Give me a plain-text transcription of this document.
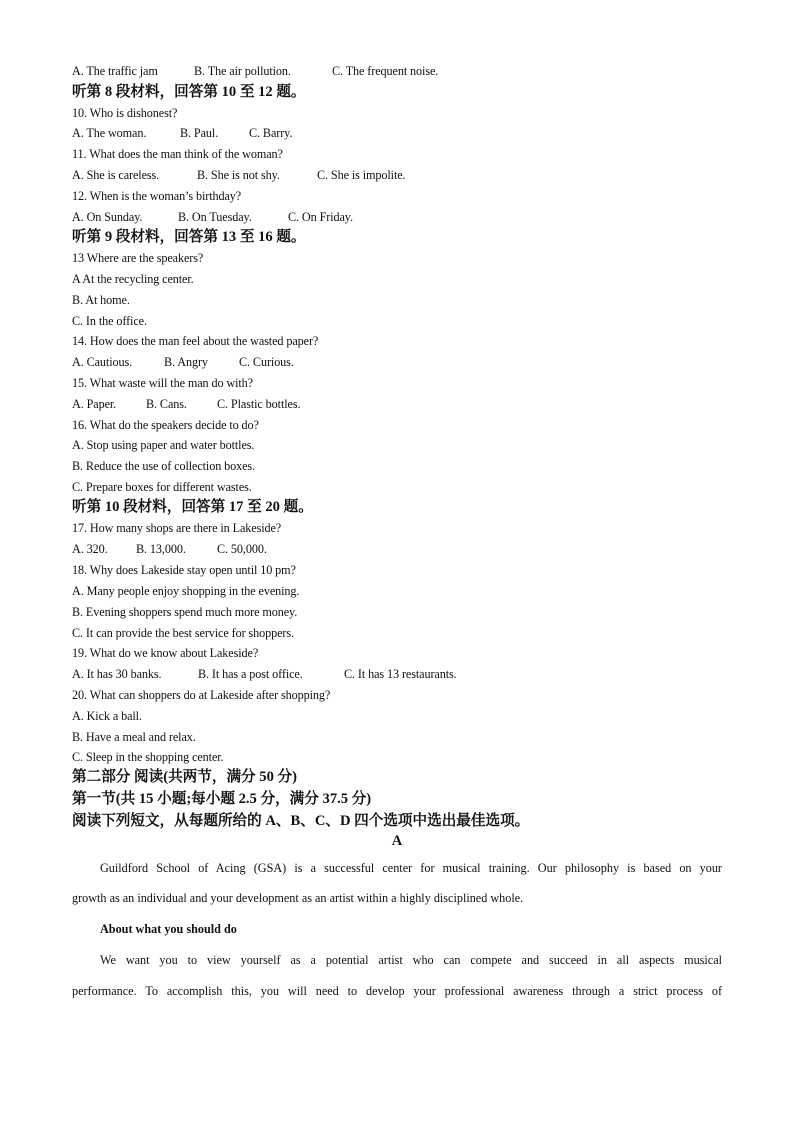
A. The traffic jam	B. The air pollution.	C. The frequent noise.
听第 8 段材料，回答第 10 至 12 题。
10. Who is dishonest?
A. The woman.	B. Paul.	C. Barry.
11. What does the man think of the woman?
A. She is careless.	B. She is not shy.	C. She is impolite.
12. When is the woman’s birthday?
A. On Sunday.	B. On Tuesday.	C. On Friday.
听第 9 段材料，回答第 13 至 16 题。
13 Where are the speakers?
A At the recycling center.
B. At home.
C. In the office.
14. How does the man feel about the wasted paper?
A. Cautious.	B. Angry	C. Curious.
15. What waste will the man do with?
A. Paper. B. Cans. C. Plastic bottles.
16. What do the speakers decide to do?
A. Stop using paper and water bottles.
B. Reduce the use of collection boxes.
C. Prepare boxes for different wastes.
听第 10 段材料，回答第 17 至 20 题。
17. How many shops are there in Lakeside?
A. 320. B. 13,000.	C. 50,000.
18. Why does Lakeside stay open until 10 pm?
A. Many people enjoy shopping in the evening.
B. Evening shoppers spend much more money.
C. It can provide the best service for shoppers.
19. What do we know about Lakeside?
A. It has 30 banks.	B. It has a post office.	C. It has 13 restaurants.
20. What can shoppers do at Lakeside after shopping?
A. Kick a ball.
B. Have a meal and relax.
C. Sleep in the shopping center.
第二部分 阅读(共两节，满分 50 分)
第一节(共 15 小题;每小题 2.5 分，满分 37.5 分)
阅读下列短文，从每题所给的 A、B、C、D 四个选项中选出最佳选项。
A
Guildford School of Acing (GSA) is a successful center for musical training. Our philosophy is based on your
growth as an individual and your development as an artist within a highly disciplined whole.
About what you should do
We want you to view yourself as a potential artist who can compete and succeed in all aspects musical
performance. To accomplish this, you will need to develop your professional awareness through a strict process of
